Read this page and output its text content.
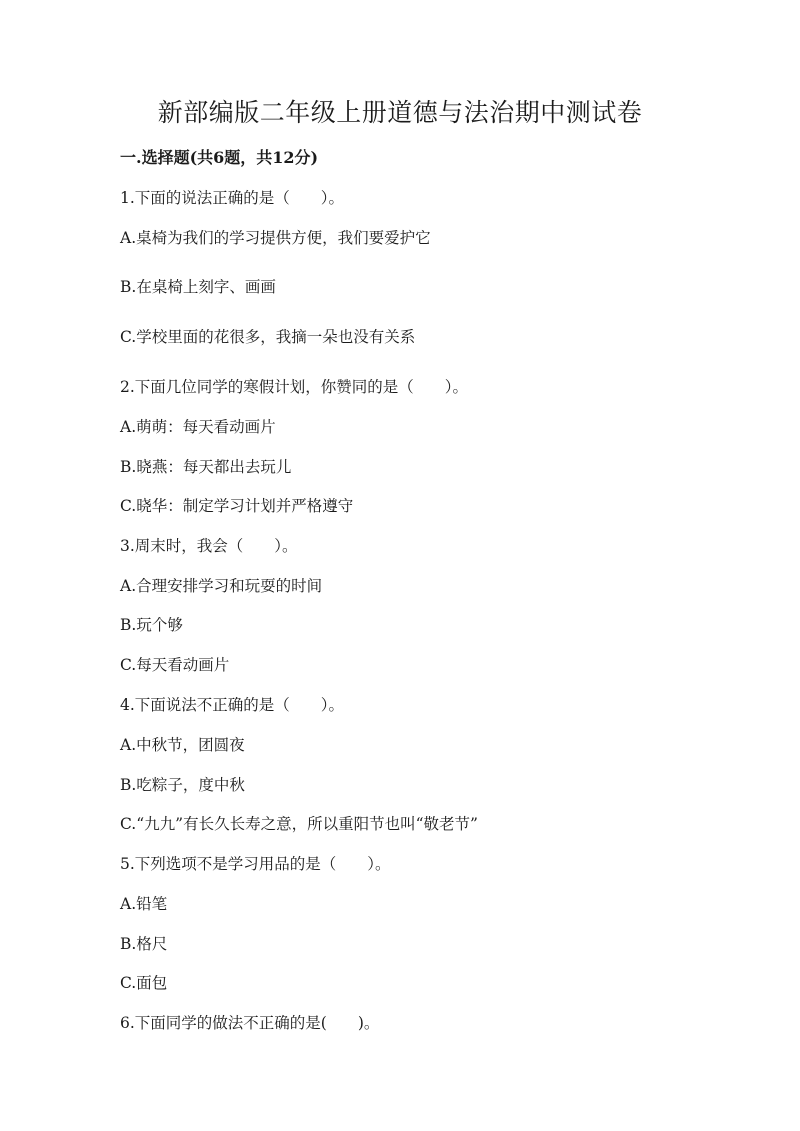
新部编版二年级上册道德与法治期中测试卷
一.选择题(共6题，共12分)
1.下面的说法正确的是（　　）。
A.桌椅为我们的学习提供方便，我们要爱护它
B.在桌椅上刻字、画画
C.学校里面的花很多，我摘一朵也没有关系
2.下面几位同学的寒假计划，你赞同的是（　　）。
A.萌萌：每天看动画片
B.晓燕：每天都出去玩儿
C.晓华：制定学习计划并严格遵守
3.周末时，我会（　　）。
A.合理安排学习和玩耍的时间
B.玩个够
C.每天看动画片
4.下面说法不正确的是（　　）。
A.中秋节，团圆夜
B.吃粽子，度中秋
C.“九九”有长久长寿之意，所以重阳节也叫“敬老节”
5.下列选项不是学习用品的是（　　）。
A.铅笔
B.格尺
C.面包
6.下面同学的做法不正确的是(　　)。
